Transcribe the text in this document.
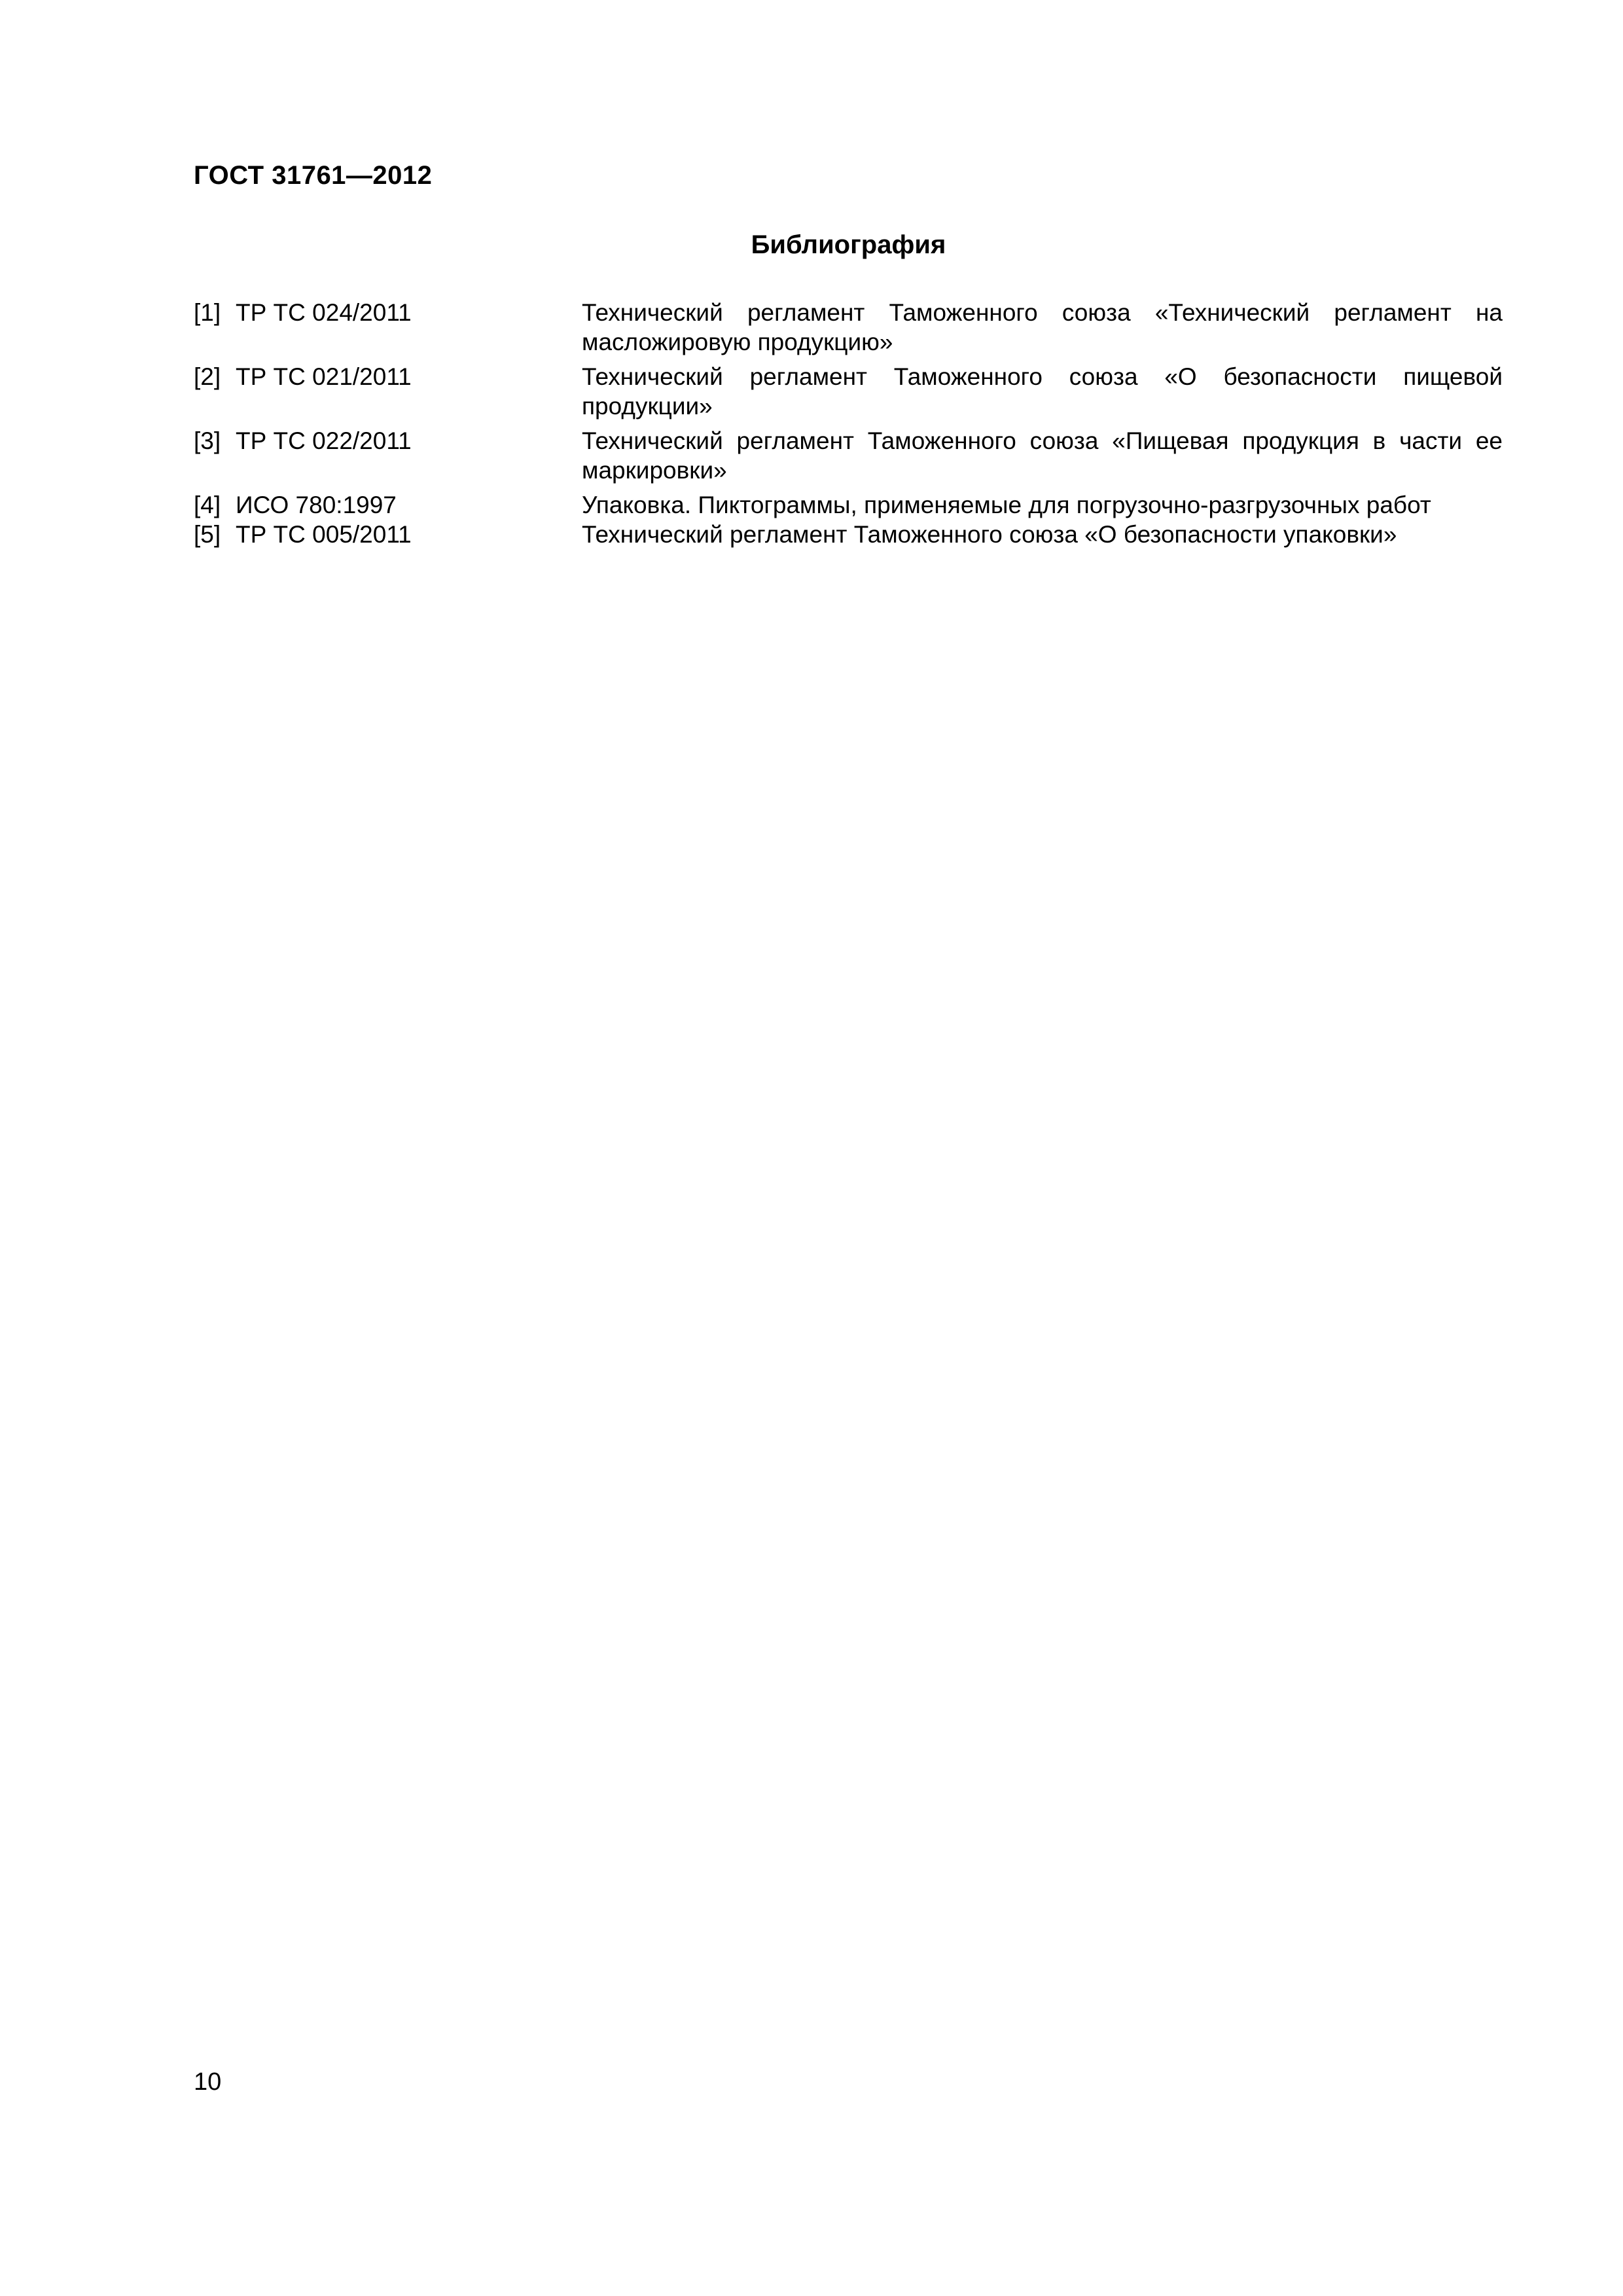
ГОСТ 31761—2012
Библиография
[1] ТР ТС 024/2011	Технический регламент Таможенного союза «Технический регламент на масложировую продукцию»
[2] ТР ТС 021/2011	Технический регламент Таможенного союза «О безопасности пищевой продукции»
[3] ТР ТС 022/2011	Технический регламент Таможенного союза «Пищевая продукция в части ее маркировки»
[4] ИСО 780:1997	Упаковка. Пиктограммы, применяемые для погрузочно-разгрузочных работ
[5] ТР ТС 005/2011	Технический регламент Таможенного союза «О безопасности упаковки»
10
